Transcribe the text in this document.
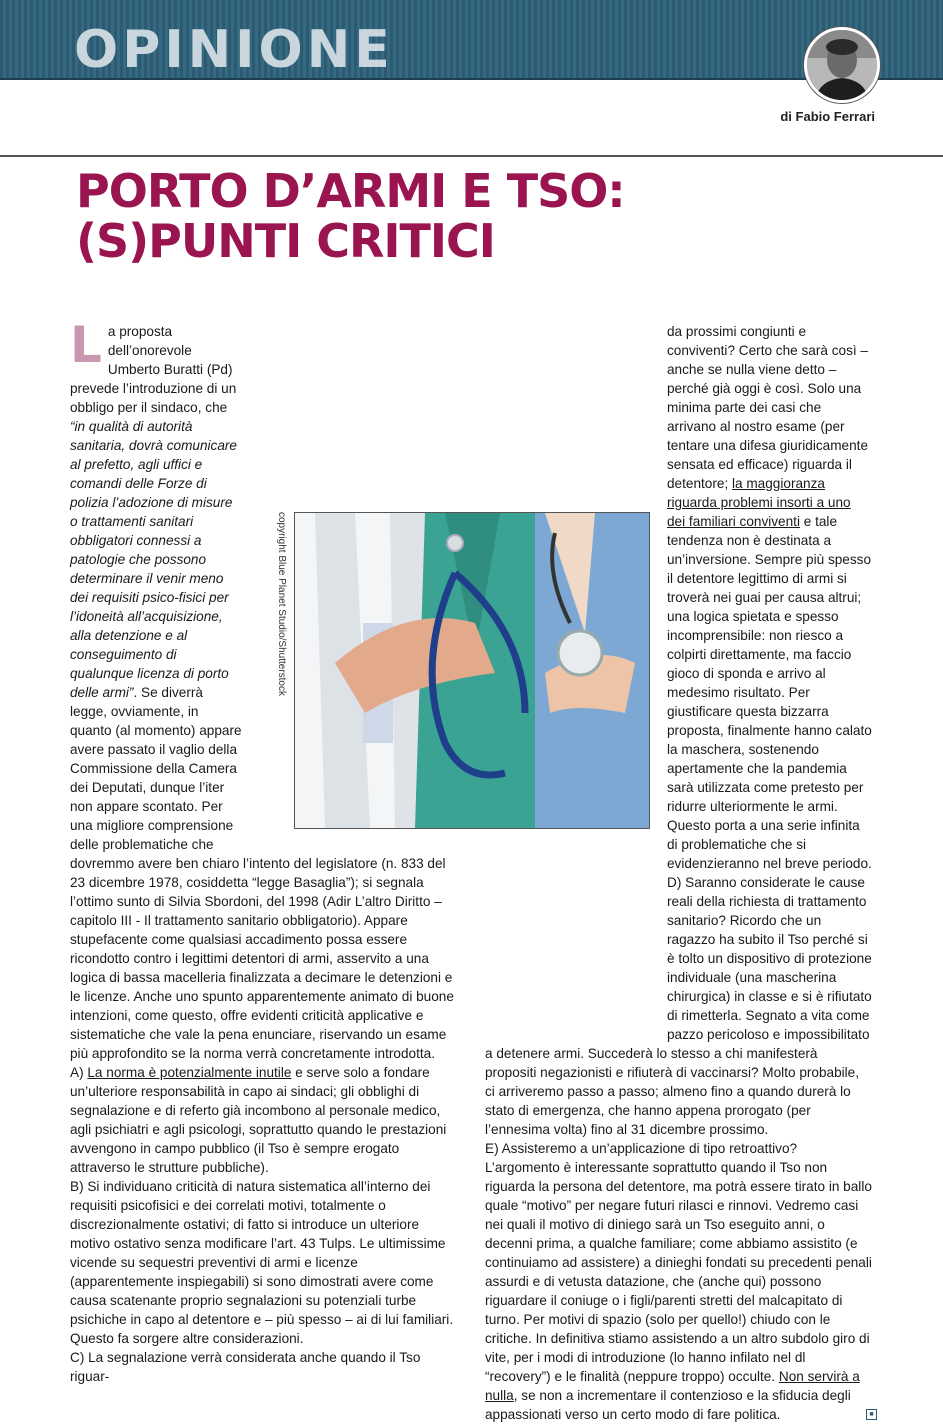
OPINIONE
di Fabio Ferrari
PORTO D’ARMI E TSO:
(S)PUNTI CRITICI

La proposta dell’onorevole Umberto Buratti (Pd) prevede l’introduzione di un obbligo per il sindaco, che “in qualità di autorità sanitaria, dovrà comunicare al prefetto, agli uffici e comandi delle Forze di polizia l’adozione di misure o trattamenti sanitari obbligatori connessi a patologie che possono determinare il venir meno dei requisiti psico-fisici per l’idoneità all’acquisizione, alla detenzione e al conseguimento di qualunque licenza di porto delle armi”. Se diverrà legge, ovviamente, in quanto (al momento) appare avere passato il vaglio della Commissione della Camera dei Deputati, dunque l’iter non appare scontato. Per una migliore comprensione delle problematiche che dovremmo avere ben chiaro l’intento del legislatore (n. 833 del 23 dicembre 1978, cosiddetta “legge Basaglia”); si segnala l’ottimo sunto di Silvia Sbordoni, del 1998 (Adir L’altro Diritto – capitolo III - Il trattamento sanitario obbligatorio). Appare stupefacente come qualsiasi accadimento possa essere ricondotto contro i legittimi detentori di armi, asservito a una logica di bassa macelleria finalizzata a decimare le detenzioni e le licenze. Anche uno spunto apparentemente animato di buone intenzioni, come questo, offre evidenti criticità applicative e sistematiche che vale la pena enunciare, riservando un esame più approfondito se la norma verrà concretamente introdotta.

A) La norma è potenzialmente inutile e serve solo a fondare un’ulteriore responsabilità in capo ai sindaci; gli obblighi di segnalazione e di referto già incombono al personale medico, agli psichiatri e agli psicologi, soprattutto quando le prestazioni avvengono in campo pubblico (il Tso è sempre erogato attraverso le strutture pubbliche).

B) Si individuano criticità di natura sistematica all’interno dei requisiti psicofisici e dei correlati motivi, totalmente o discrezionalmente ostativi; di fatto si introduce un ulteriore motivo ostativo senza modificare l’art. 43 Tulps. Le ultimissime vicende su sequestri preventivi di armi e licenze (apparentemente inspiegabili) si sono dimostrati avere come causa scatenante proprio segnalazioni su potenziali turbe psichiche in capo al detentore e – più spesso – ai di lui familiari. Questo fa sorgere altre considerazioni.

C) La segnalazione verrà considerata anche quando il Tso riguar-

da prossimi congiunti e conviventi? Certo che sarà così – anche se nulla viene detto – perché già oggi è così. Solo una minima parte dei casi che arrivano al nostro esame (per tentare una difesa giuridicamente sensata ed efficace) riguarda il detentore; la maggioranza riguarda problemi insorti a uno dei familiari conviventi e tale tendenza non è destinata a un’inversione. Sempre più spesso il detentore legittimo di armi si troverà nei guai per causa altrui; una logica spietata e spesso incomprensibile: non riesco a colpirti direttamente, ma faccio gioco di sponda e arrivo al medesimo risultato. Per giustificare questa bizzarra proposta, finalmente hanno calato la maschera, sostenendo apertamente che la pandemia sarà utilizzata come pretesto per ridurre ulteriormente le armi. Questo porta a una serie infinita di problematiche che si evidenzieranno nel breve periodo.

D) Saranno considerate le cause reali della richiesta di trattamento sanitario? Ricordo che un ragazzo ha subito il Tso perché si è tolto un dispositivo di protezione individuale (una mascherina chirurgica) in classe e si è rifiutato di rimetterla. Segnato a vita come pazzo pericoloso e impossibilitato a detenere armi. Succederà lo stesso a chi manifesterà propositi negazionisti e rifiuterà di vaccinarsi? Molto probabile, ci arriveremo passo a passo; almeno fino a quando durerà lo stato di emergenza, che hanno appena prorogato (per l’ennesima volta) fino al 31 dicembre prossimo.

E) Assisteremo a un’applicazione di tipo retroattivo? L’argomento è interessante soprattutto quando il Tso non riguarda la persona del detentore, ma potrà essere tirato in ballo quale “motivo” per negare futuri rilasci e rinnovi. Vedremo casi nei quali il motivo di diniego sarà un Tso eseguito anni, o decenni prima, a qualche familiare; come abbiamo assistito (e continuiamo ad assistere) a dinieghi fondati su precedenti penali assurdi e di vetusta datazione, che (anche qui) possono riguardare il coniuge o i figli/parenti stretti del malcapitato di turno. Per motivi di spazio (solo per quello!) chiudo con le critiche. In definitiva stiamo assistendo a un altro subdolo giro di vite, per i modi di introduzione (lo hanno infilato nel dl “recovery”) e le finalità (neppure troppo) occulte. Non servirà a nulla, se non a incrementare il contenzioso e la sfiducia degli appassionati verso un certo modo di fare politica.	■

copyright Blue Planet Studio/Shutterstock
